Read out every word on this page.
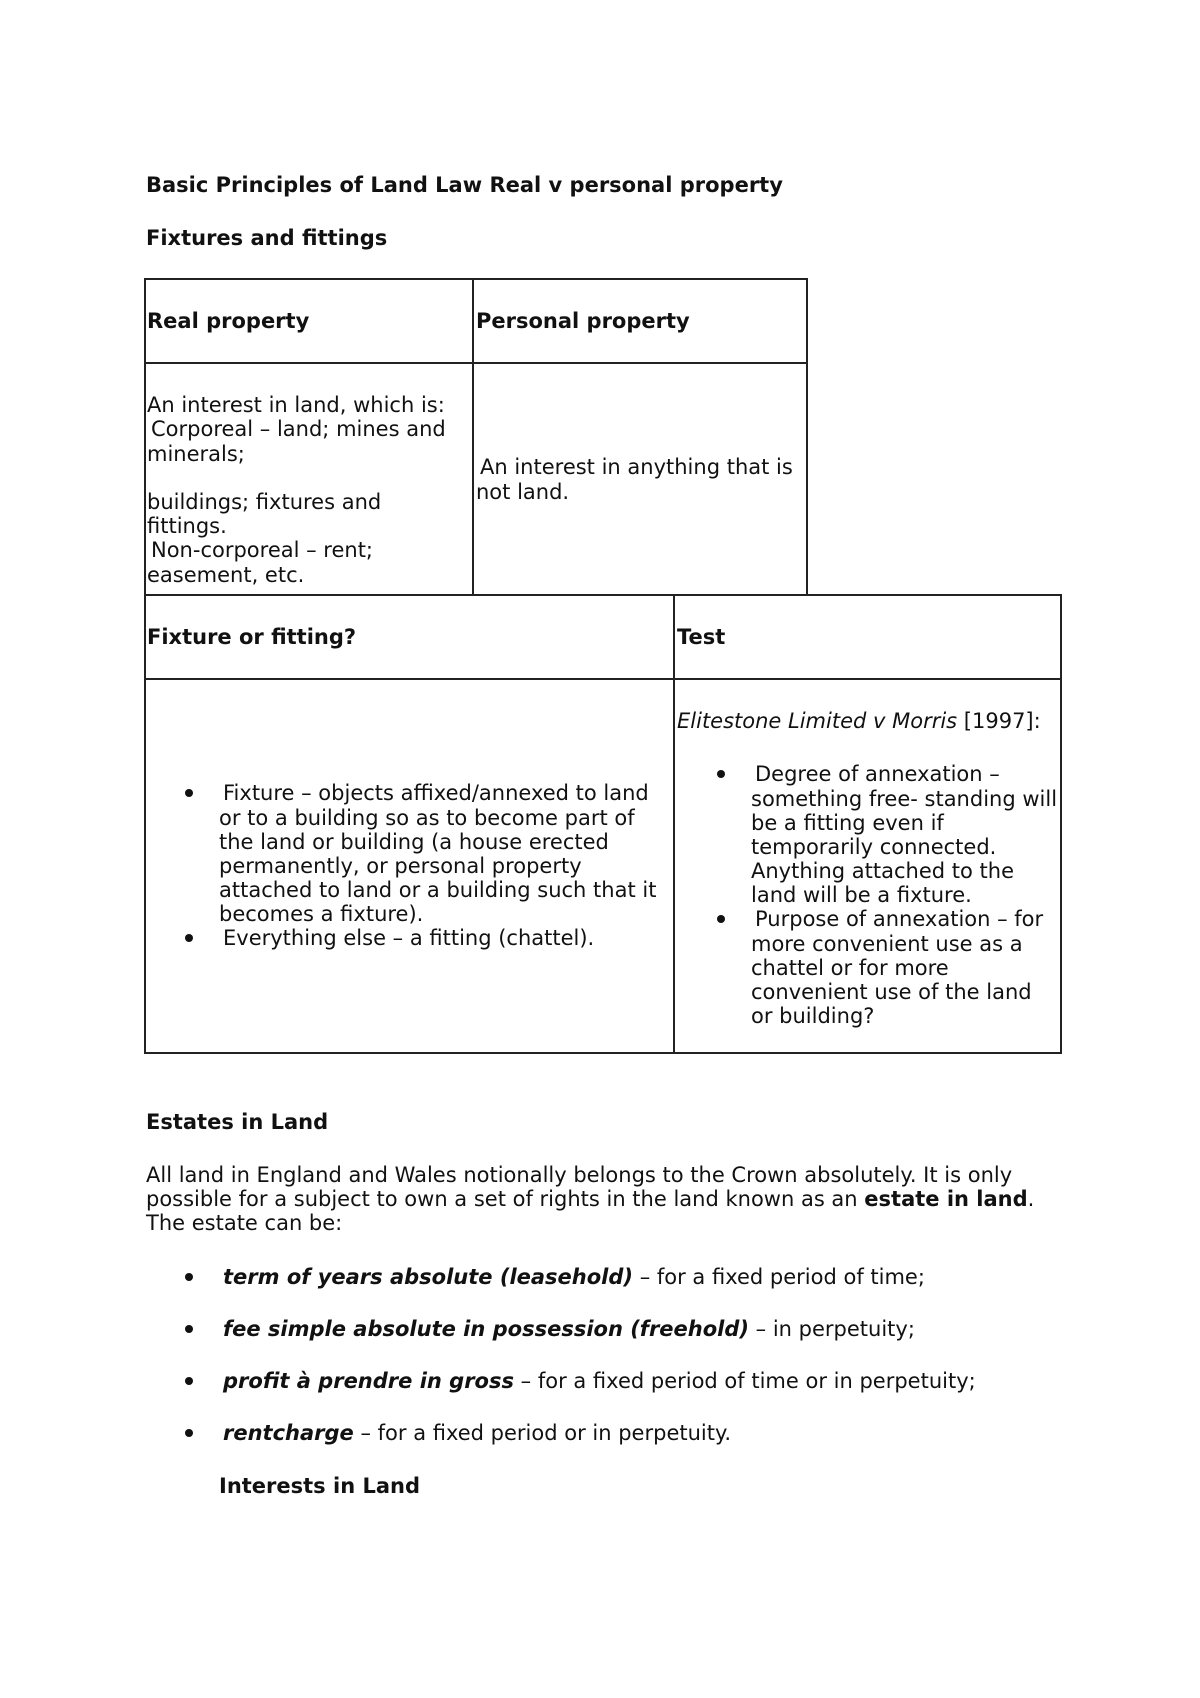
Basic Principles of Land Law Real v personal property
Fixtures and fittings
Real property	Personal property

An interest in land, which is:

Corporeal – land; mines and minerals;

buildings; fixtures and fittings.

Non-corporeal – rent; easement, etc.

An interest in anything that is not land.

Fixture or fitting?	Test
Fixture – objects affixed/annexed to land or to a building so as to become part of the land or building (a house erected permanently, or personal property attached to land or a building such that it becomes a fixture).
Everything else – a fitting (chattel).
Elitestone Limited v Morris [1997]:
Degree of annexation – something free- standing will be a fitting even if temporarily connected. Anything attached to the land will be a fixture.
Purpose of annexation – for more convenient use as a chattel or for more convenient use of the land or building?
Estates in Land

All land in England and Wales notionally belongs to the Crown absolutely. It is only possible for a subject to own a set of rights in the land known as an estate in land. The estate can be:

term of years absolute (leasehold) – for a fixed period of time;
fee simple absolute in possession (freehold) – in perpetuity;
profit à prendre in gross – for a fixed period of time or in perpetuity;
rentcharge – for a fixed period or in perpetuity.
Interests in Land
